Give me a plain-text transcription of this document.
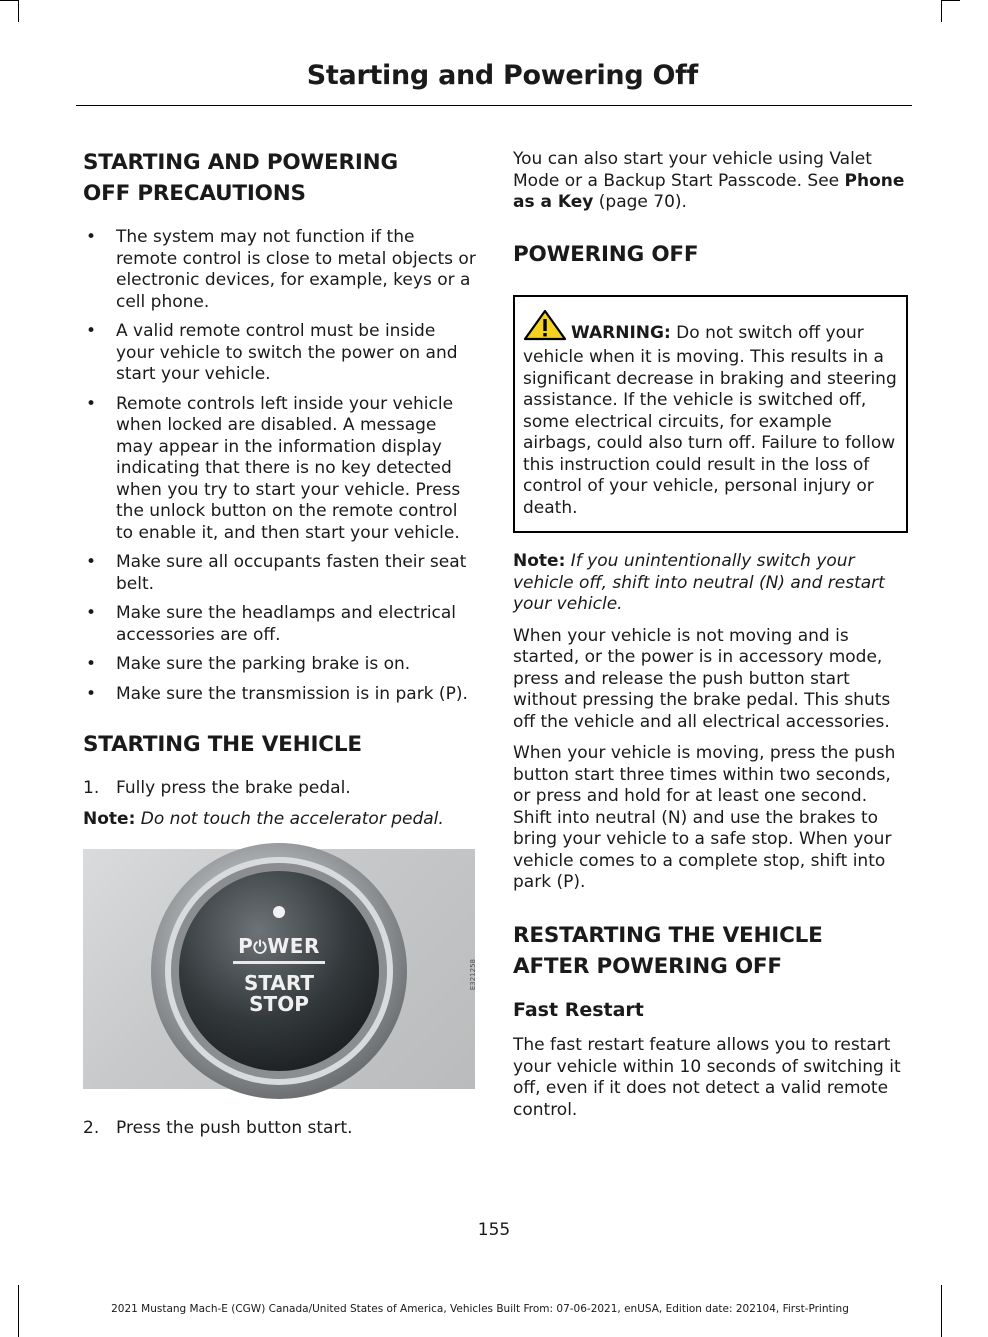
Starting and Powering Off
STARTING AND POWERING
OFF PRECAUTIONS
• The system may not function if the remote control is close to metal objects or electronic devices, for example, keys or a cell phone.
• A valid remote control must be inside your vehicle to switch the power on and start your vehicle.
• Remote controls left inside your vehicle when locked are disabled. A message may appear in the information display indicating that there is no key detected when you try to start your vehicle. Press the unlock button on the remote control to enable it, and then start your vehicle.
• Make sure all occupants fasten their seat belt.
• Make sure the headlamps and electrical accessories are off.
• Make sure the parking brake is on.
• Make sure the transmission is in park (P).
STARTING THE VEHICLE
1. Fully press the brake pedal.

Note: Do not touch the accelerator pedal.

P⏻WER
START
STOP
E321258
2. Press the push button start.

You can also start your vehicle using Valet Mode or a Backup Start Passcode. See Phone as a Key (page 70).

POWERING OFF
WARNING: Do not switch off your vehicle when it is moving. This results in a significant decrease in braking and steering assistance. If the vehicle is switched off, some electrical circuits, for example airbags, could also turn off. Failure to follow this instruction could result in the loss of control of your vehicle, personal injury or death.

Note: If you unintentionally switch your vehicle off, shift into neutral (N) and restart your vehicle.

When your vehicle is not moving and is started, or the power is in accessory mode, press and release the push button start without pressing the brake pedal. This shuts off the vehicle and all electrical accessories.

When your vehicle is moving, press the push button start three times within two seconds, or press and hold for at least one second. Shift into neutral (N) and use the brakes to bring your vehicle to a safe stop. When your vehicle comes to a complete stop, shift into park (P).

RESTARTING THE VEHICLE
AFTER POWERING OFF
Fast Restart

The fast restart feature allows you to restart your vehicle within 10 seconds of switching it off, even if it does not detect a valid remote control.

155
2021 Mustang Mach-E (CGW) Canada/United States of America, Vehicles Built From: 07-06-2021, enUSA, Edition date: 202104, First-Printing
